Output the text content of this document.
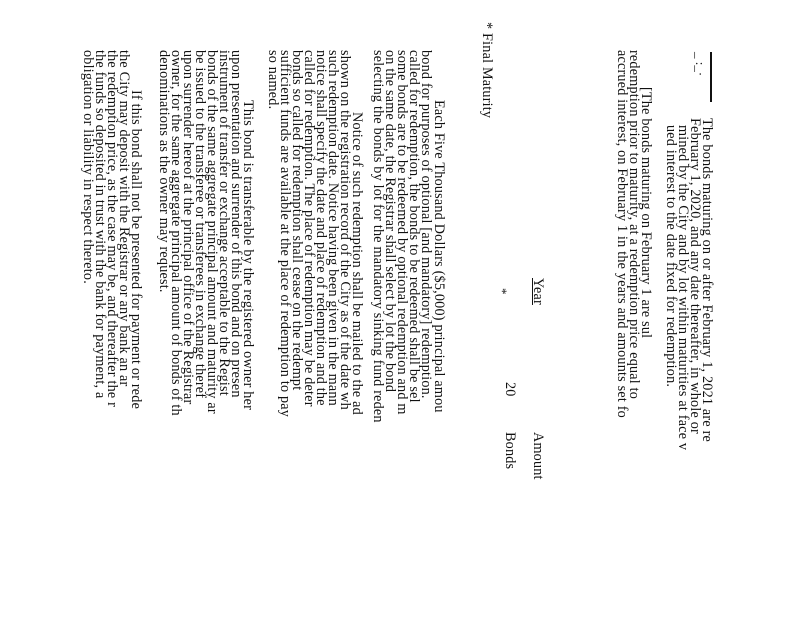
_ :_·
The bonds maturing on or after February 1, 2021 are re
February 1, 2020, and any date thereafter, in whole or
mined by the City and by lot within maturities at face v
ued interest to the date fixed for redemption.
[The bonds maturing on February 1 are sul
redemption prior to maturity, at a redemption price equal to
accrued interest, on February 1 in the years and amounts set fo
Year
Amount
20
Bonds
*
* Final Maturity
Each Five Thousand Dollars ($5,000) principal amou
bond for purposes of optional [and mandatory] redemption.
called for redemption, the bonds to be redeemed shall be sel
some bonds are to be redeemed by optional redemption and m
on the same date, the Registrar shall select by lot the bond
selecting the bonds by lot for the mandatory sinking fund reden
Notice of such redemption shall be mailed to the ad
shown on the registration record of the City as of the date wh
such redemption date. Notice having been given in the mann
notice shall specify the date and place of redemption and the
called for redemption. The place of redemption may be deter
bonds so called for redemption shall cease on the redempt
sufficient funds are available at the place of redemption to pay
so named.
This bond is transferable by the registered owner her
upon presentation and surrender of this bond and on presen
instrument of transfer or exchange acceptable to the Regist
bonds of the same aggregate principal amount and maturity ar
be issued to the transferee or transferees in exchange theref
upon surrender hereof at the principal office of the Registrar
owner, for the same aggregate principal amount of bonds of th
denominations as the owner may request.
If this bond shall not be presented for payment or rede
the City may deposit with the Registrar or any bank an ar
the redemption price, as the case may be, and thereafter the r
the funds so deposited in trust with the bank for payment, a
obligation or liability in respect thereto.
